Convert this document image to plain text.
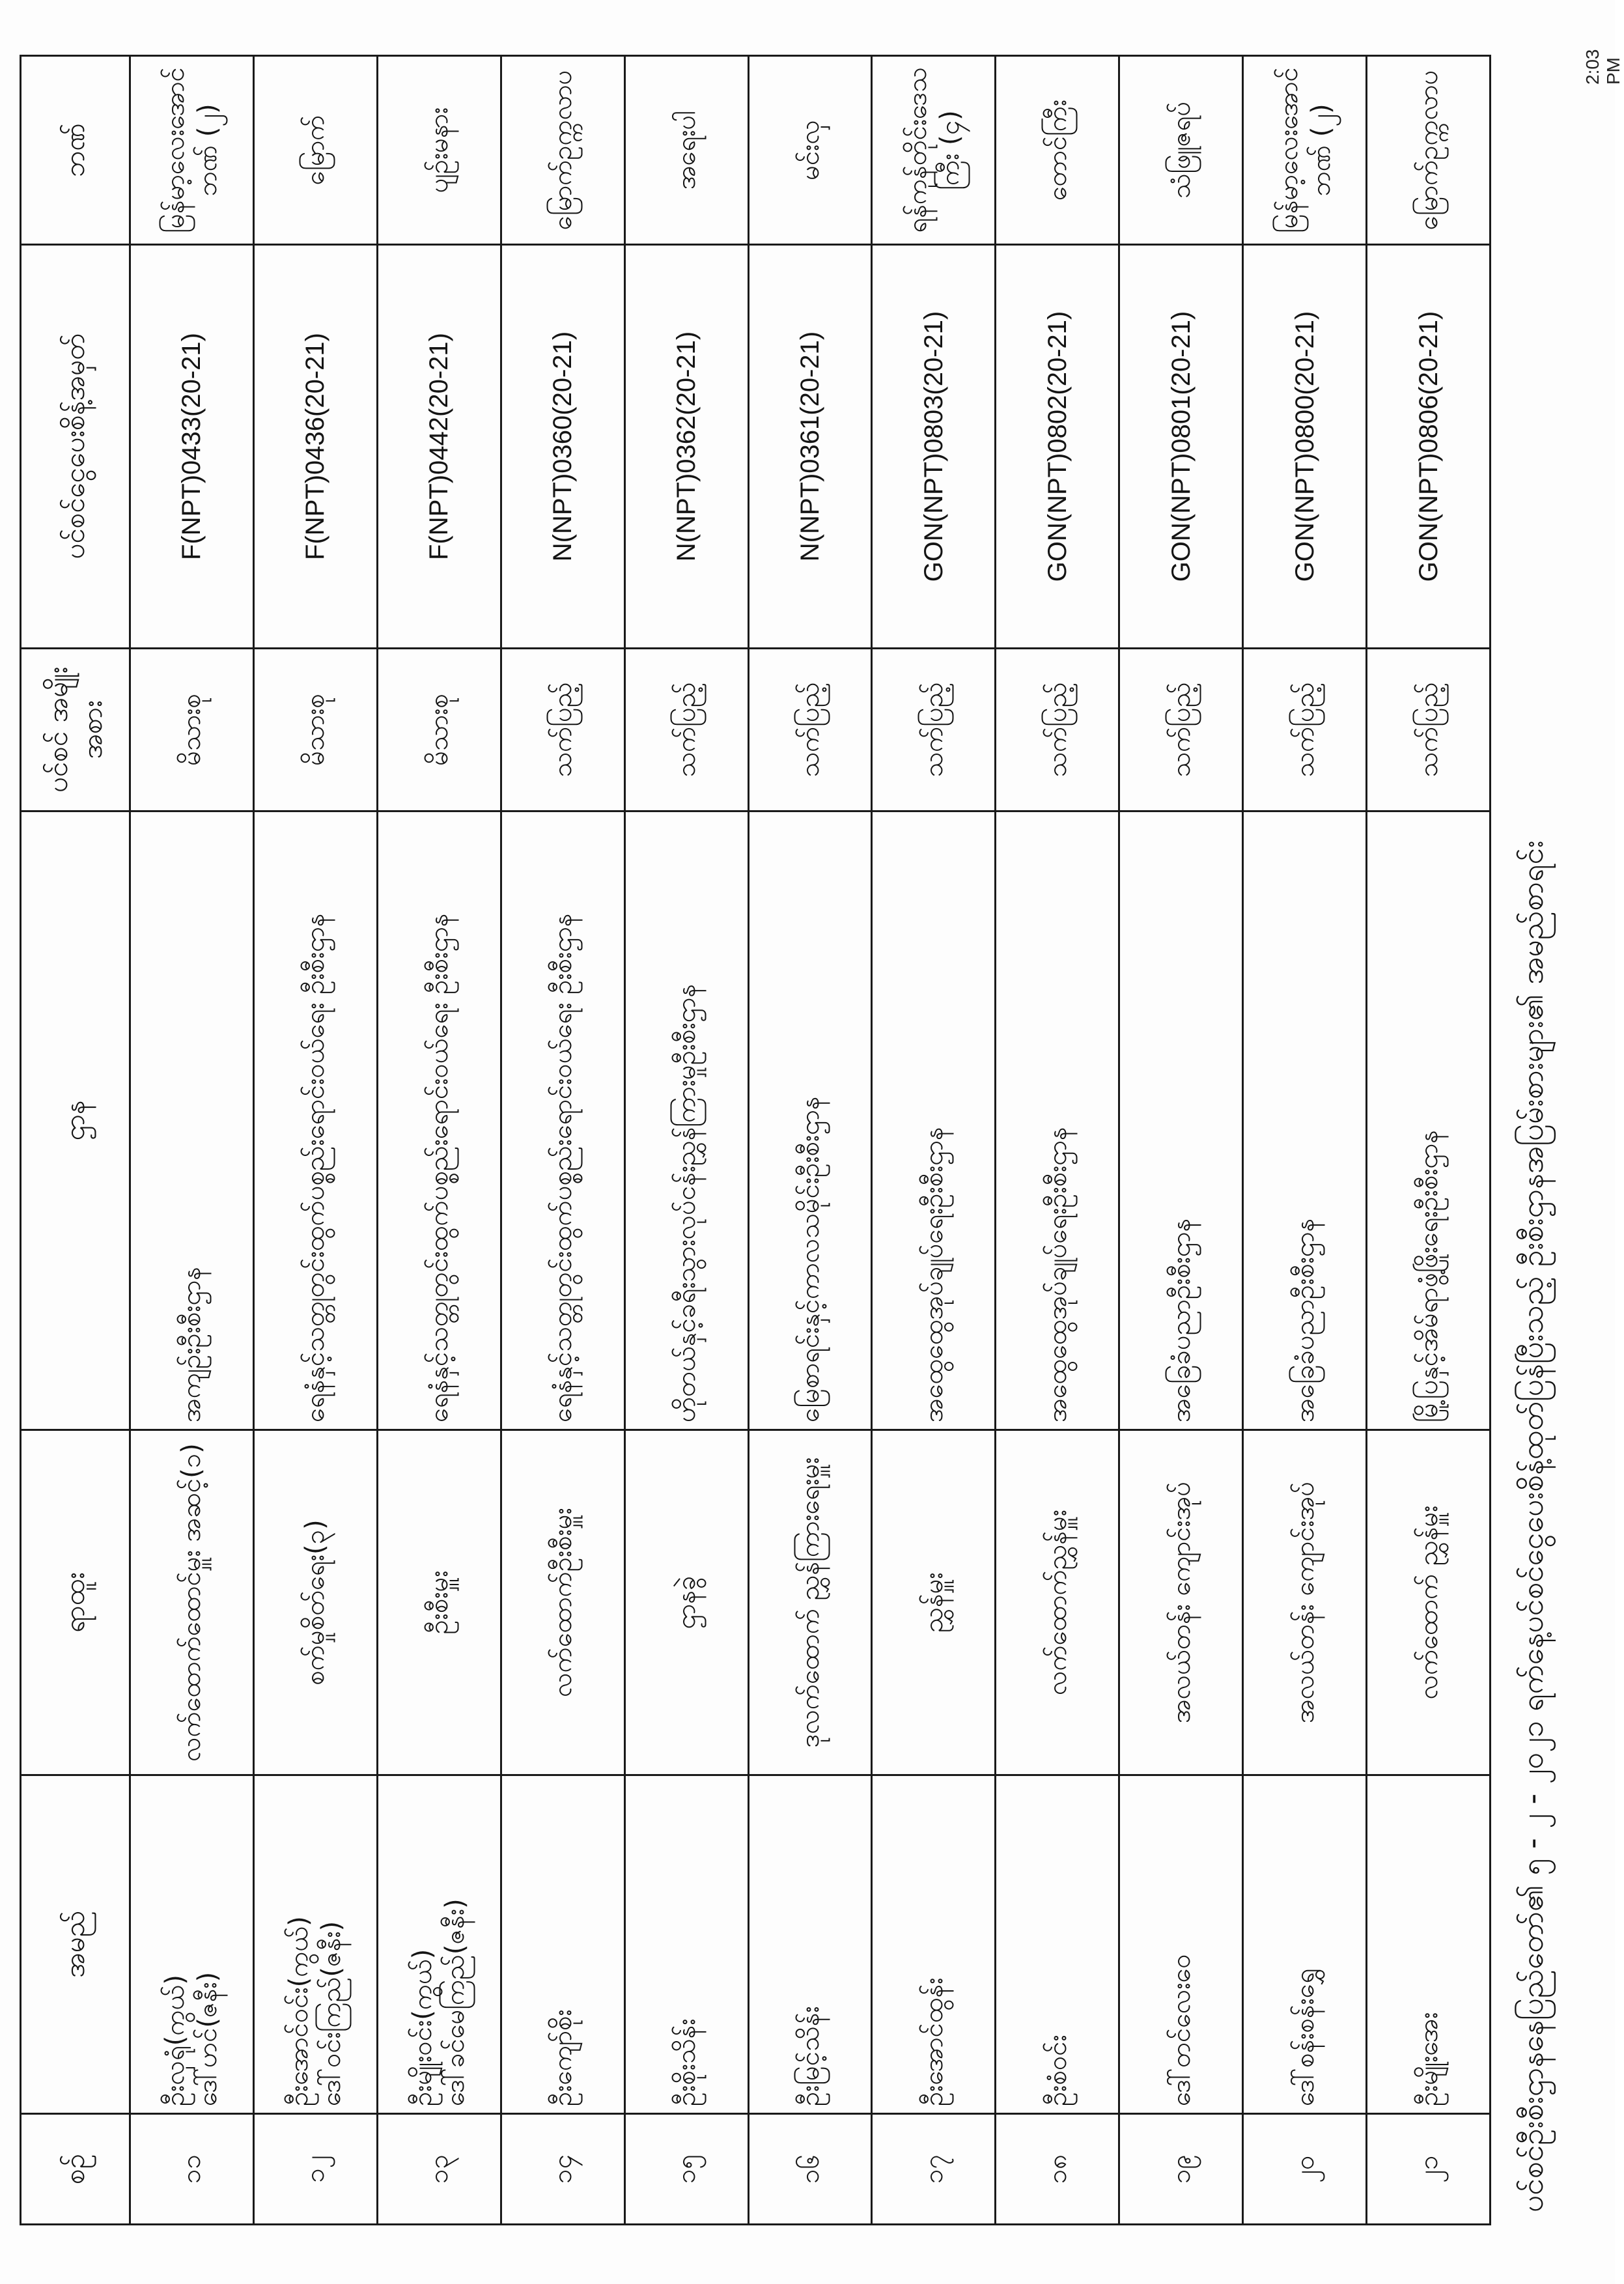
စဉ်	အမည်	ရာထူး	ဌာန	ပင်စင် အမျိုးအစား	ပင်စင်ငွေပေးစိန့်အမှတ်	ဘဏ်

၁၁	ဦးလှရုံ(ကွယ်) ဒေါ်ဟင်(ဇနီး)	လက်ထောက်ထောင်မှူး အဆင့်(၁)	အကျဉ်းဦးစီးဌာန	မိသားစု	F(NPT)0433(20-21)	မြန်မာ့လေးအောင်ဘဏ် (၂)

၁၂	ဦးအောင်ဝင်း(ကွယ်) ဒေါ်ဝင်းကြည်(ဇနီး)	စက်မှုစိတ်ရေး(၃)	ရေနံနှင့်သတ္တုတွင်းထွက်ပစ္စည်းရောင်းဝယ်ရေး ဦးစီးဌာန	မိသားစု	F(NPT)0436(20-21)	မြောက်

၁၃	ဦးမျိုးဝင်း(ကွယ်) ဒေါ်ခင်မေကြည်(ဇနီး)	ဦးစီးမှူး	ရေနံနှင့်သတ္တုတွင်းထွက်ပစ္စည်းရောင်းဝယ်ရေး ဦးစီးဌာန	မိသားစု	F(NPT)0442(20-21)	ပျဉ်းမနား

၁၄	ဦးကျော်စိုး	လက်ထောက်ဦးစီးမှူး	ရေနံနှင့်သတ္တုတွင်းထွက်ပစ္စည်းရောင်းဝယ်ရေး ဦးစီးဌာန	သက်ပြည့်	N(NPT)0360(20-21)	မြောက်ဥက္ကလာပ

၁၅	ဦးစိုးသိန်း	ဌာနခွဲ	ဟိုတယ်နှင့်ခရီးသွားလုပ်ငန်းညွှန်ကြားမှုဦးစီးဌာန	သက်ပြည့်	N(NPT)0362(20-21)	အရေးပါ

၁၆	ဦးမြင့်သိန်း	ဒုလက်ထောက် ညွှန်ကြားရေးမှူး	မြေစာရင်းနှင့်ကာလသမိုင်းဦးစီးဌာန	သက်ပြည့်	N(NPT)0361(20-21)	မင်းလှ

၁၇	ဦးအောင်ထွန်း	ညွှန်မှူး	အထွေထွေအုပ်ချုပ်ရေးဦးစီးဌာန	သက်ပြည့်	GON(NPT)0803(20-21)	ရန်ကုန်တိုင်းဒေသကြီး (၄)

၁၈	ဦးစံဝင်း	လက်ထောက်ညွှန်မှူး	အထွေထွေအုပ်ချုပ်ရေးဦးစီးဌာန	သက်ပြည့်	GON(NPT)0802(20-21)	တောင်ကြီး

၁၉	ဒေါ်တင်လေးဝေ	အလယ်တန်း ကျောင်းအုပ်	အခြေခံပညာဦးစီးဌာန	သက်ပြည့်	GON(NPT)0801(20-21)	သံဖြူဇရပ်

၂၀	ဒေါ်စန်းစန်းရွှေ	အလယ်တန်း ကျောင်းအုပ်	အခြေခံပညာဦးစီးဌာန	သက်ပြည့်	GON(NPT)0800(20-21)	မြန်မာ့လေးအောင်ဘဏ် (၂)

၂၁	ဦးမျိုးအေး	လက်ထောက် ညွှန်မှူး	မြို့ပြနှင့်အိမ်ရာဖွံ့ဖြိုးရေးဦးစီးဌာန	သက်ပြည့်	GON(NPT)0806(20-21)	မြောက်ဥက္ကလာပ
ပင်စင်ဦးစီးဌာနနေပြည်တော်၏ ၅ - ၂ - ၂၀၂၁ ရက်နေ့ပင်စင်ငွေပေးစိန့်ထုတ်ပြန်ပြီးသည့် ဦးစီးဌာနအပြမ်းစားများ၏ အမည်စာရင်း
2:03 PM
